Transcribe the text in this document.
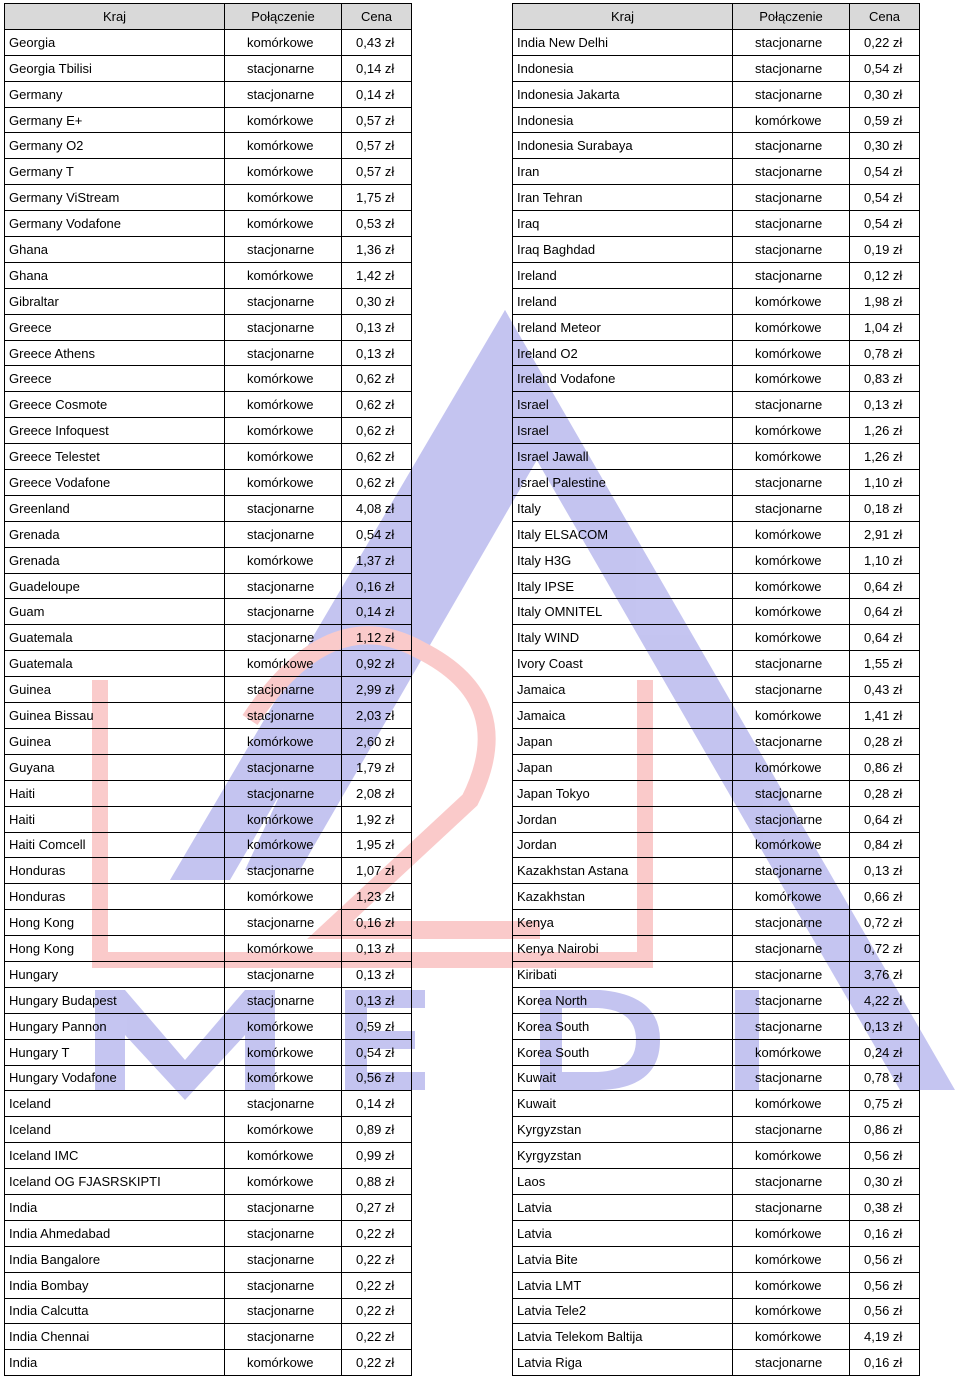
Kraj	Połączenie	Cena
Georgia	komórkowe	0,43 zł
Georgia Tbilisi	stacjonarne	0,14 zł
Germany	stacjonarne	0,14 zł
Germany E+	komórkowe	0,57 zł
Germany O2	komórkowe	0,57 zł
Germany T	komórkowe	0,57 zł
Germany ViStream	komórkowe	1,75 zł
Germany Vodafone	komórkowe	0,53 zł
Ghana	stacjonarne	1,36 zł
Ghana	komórkowe	1,42 zł
Gibraltar	stacjonarne	0,30 zł
Greece	stacjonarne	0,13 zł
Greece Athens	stacjonarne	0,13 zł
Greece	komórkowe	0,62 zł
Greece Cosmote	komórkowe	0,62 zł
Greece Infoquest	komórkowe	0,62 zł
Greece Telestet	komórkowe	0,62 zł
Greece Vodafone	komórkowe	0,62 zł
Greenland	stacjonarne	4,08 zł
Grenada	stacjonarne	0,54 zł
Grenada	komórkowe	1,37 zł
Guadeloupe	stacjonarne	0,16 zł
Guam	stacjonarne	0,14 zł
Guatemala	stacjonarne	1,12 zł
Guatemala	komórkowe	0,92 zł
Guinea	stacjonarne	2,99 zł
Guinea Bissau	stacjonarne	2,03 zł
Guinea	komórkowe	2,60 zł
Guyana	stacjonarne	1,79 zł
Haiti	stacjonarne	2,08 zł
Haiti	komórkowe	1,92 zł
Haiti Comcell	komórkowe	1,95 zł
Honduras	stacjonarne	1,07 zł
Honduras	komórkowe	1,23 zł
Hong Kong	stacjonarne	0,16 zł
Hong Kong	komórkowe	0,13 zł
Hungary	stacjonarne	0,13 zł
Hungary Budapest	stacjonarne	0,13 zł
Hungary Pannon	komórkowe	0,59 zł
Hungary T	komórkowe	0,54 zł
Hungary Vodafone	komórkowe	0,56 zł
Iceland	stacjonarne	0,14 zł
Iceland	komórkowe	0,89 zł
Iceland IMC	komórkowe	0,99 zł
Iceland OG FJASRSKIPTI	komórkowe	0,88 zł
India	stacjonarne	0,27 zł
India Ahmedabad	stacjonarne	0,22 zł
India Bangalore	stacjonarne	0,22 zł
India Bombay	stacjonarne	0,22 zł
India Calcutta	stacjonarne	0,22 zł
India Chennai	stacjonarne	0,22 zł
India	komórkowe	0,22 zł
Kraj	Połączenie	Cena
India New Delhi	stacjonarne	0,22 zł
Indonesia	stacjonarne	0,54 zł
Indonesia Jakarta	stacjonarne	0,30 zł
Indonesia	komórkowe	0,59 zł
Indonesia Surabaya	stacjonarne	0,30 zł
Iran	stacjonarne	0,54 zł
Iran Tehran	stacjonarne	0,54 zł
Iraq	stacjonarne	0,54 zł
Iraq Baghdad	stacjonarne	0,19 zł
Ireland	stacjonarne	0,12 zł
Ireland	komórkowe	1,98 zł
Ireland Meteor	komórkowe	1,04 zł
Ireland O2	komórkowe	0,78 zł
Ireland Vodafone	komórkowe	0,83 zł
Israel	stacjonarne	0,13 zł
Israel	komórkowe	1,26 zł
Israel Jawall	komórkowe	1,26 zł
Israel Palestine	stacjonarne	1,10 zł
Italy	stacjonarne	0,18 zł
Italy ELSACOM	komórkowe	2,91 zł
Italy H3G	komórkowe	1,10 zł
Italy IPSE	komórkowe	0,64 zł
Italy OMNITEL	komórkowe	0,64 zł
Italy WIND	komórkowe	0,64 zł
Ivory Coast	stacjonarne	1,55 zł
Jamaica	stacjonarne	0,43 zł
Jamaica	komórkowe	1,41 zł
Japan	stacjonarne	0,28 zł
Japan	komórkowe	0,86 zł
Japan Tokyo	stacjonarne	0,28 zł
Jordan	stacjonarne	0,64 zł
Jordan	komórkowe	0,84 zł
Kazakhstan Astana	stacjonarne	0,13 zł
Kazakhstan	komórkowe	0,66 zł
Kenya	stacjonarne	0,72 zł
Kenya Nairobi	stacjonarne	0,72 zł
Kiribati	stacjonarne	3,76 zł
Korea North	stacjonarne	4,22 zł
Korea South	stacjonarne	0,13 zł
Korea South	komórkowe	0,24 zł
Kuwait	stacjonarne	0,78 zł
Kuwait	komórkowe	0,75 zł
Kyrgyzstan	stacjonarne	0,86 zł
Kyrgyzstan	komórkowe	0,56 zł
Laos	stacjonarne	0,30 zł
Latvia	stacjonarne	0,38 zł
Latvia	komórkowe	0,16 zł
Latvia Bite	komórkowe	0,56 zł
Latvia LMT	komórkowe	0,56 zł
Latvia Tele2	komórkowe	0,56 zł
Latvia Telekom Baltija	komórkowe	4,19 zł
Latvia Riga	stacjonarne	0,16 zł
